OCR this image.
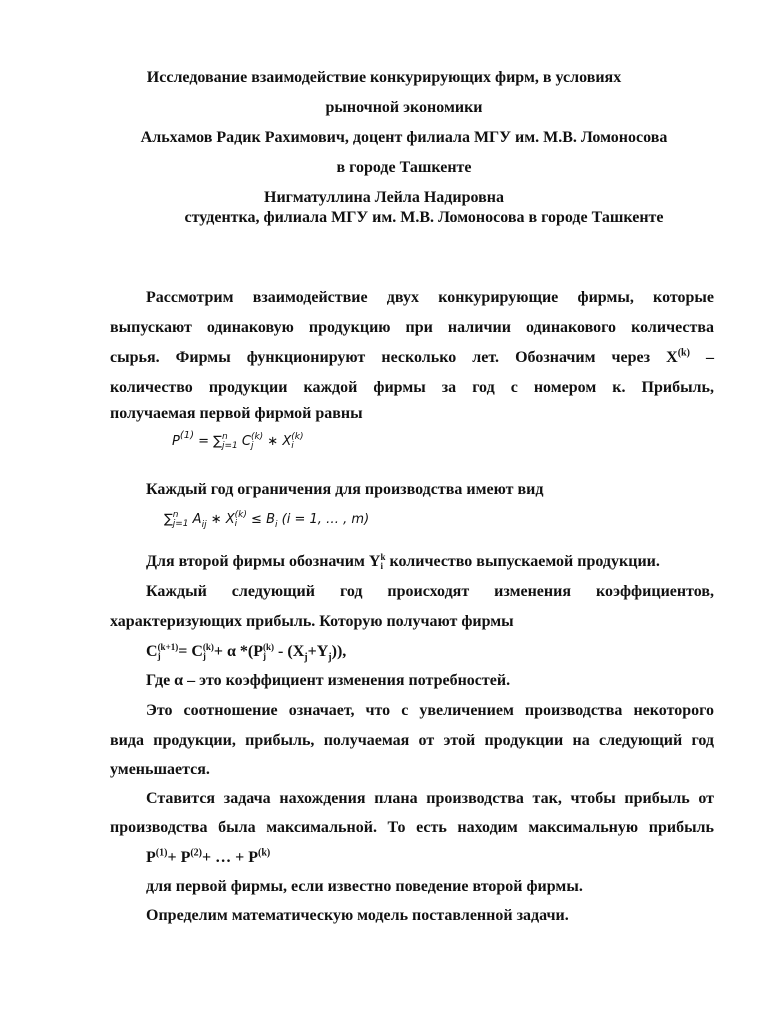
Исследование взаимодействие конкурирующих фирм, в условиях
рыночной экономики
Альхамов Радик Рахимович, доцент филиала МГУ им. М.В. Ломоносова
в городе Ташкенте
Нигматуллина Лейла Надировна
студентка, филиала МГУ им. М.В. Ломоносова в городе Ташкенте
Рассмотрим взаимодействие двух конкурирующие фирмы, которые
выпускают одинаковую продукцию при наличии одинакового количества
сырья. Фирмы функционируют несколько лет. Обозначим через $X^{(k)}$ –
количество продукции каждой фирмы за год с номером к. Прибыль,
получаемая первой фирмой равны
$P^{(1)} = \sum n$
j=1 C(k)
j ∗ X(k)
i
Каждый год ограничения для производства имеют вид
∑n
j=1 $A_{ij}$ ∗ X(k)
$i \le B_i$ (i = 1, … , m)
Для второй фирмы обозначим Yk
i количество выпускаемой продукции.
Каждый следующий год происходят изменения коэффициентов,
характеризующих прибыль. Которую получают фирмы
C(k+1)
j = C(k)
j + α *(P(k)
$j - (X_j+Y_j)$),
Где α – это коэффициент изменения потребностей.
Это соотношение означает, что с увеличением производства некоторого
вида продукции, прибыль, получаемая от этой продукции на следующий год
уменьшается.
Ставится задача нахождения плана производства так, чтобы прибыль от
производства была максимальной. То есть находим максимальную прибыль
$P^{(1)}+ P^{(2)}+$ … + $P^{(k)}$
для первой фирмы, если известно поведение второй фирмы.
Определим математическую модель поставленной задачи.
